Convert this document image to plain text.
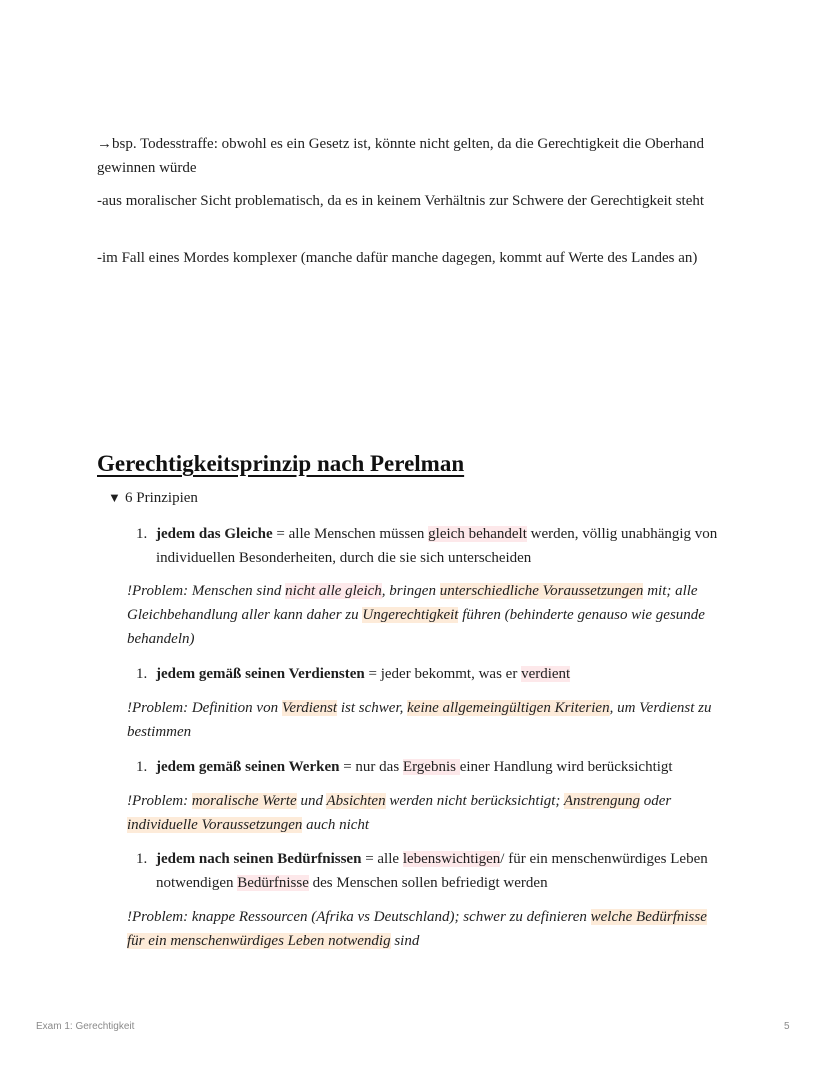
→bsp. Todesstraffe: obwohl es ein Gesetz ist, könnte nicht gelten, da die Gerechtigkeit die Oberhand gewinnen würde

-aus moralischer Sicht problematisch, da es in keinem Verhältnis zur Schwere der Gerechtigkeit steht

-im Fall eines Mordes komplexer (manche dafür manche dagegen, kommt auf Werte des Landes an)

Gerechtigkeitsprinzip nach Perelman
▼ 6 Prinzipien
1. jedem das Gleiche = alle Menschen müssen gleich behandelt werden, völlig unabhängig von individuellen Besonderheiten, durch die sie sich unterscheiden

!Problem: Menschen sind nicht alle gleich, bringen unterschiedliche Voraussetzungen mit; alle Gleichbehandlung aller kann daher zu Ungerechtigkeit führen (behinderte genauso wie gesunde behandeln)

1. jedem gemäß seinen Verdiensten = jeder bekommt, was er verdient

!Problem: Definition von Verdienst ist schwer, keine allgemeingültigen Kriterien, um Verdienst zu bestimmen

1. jedem gemäß seinen Werken = nur das Ergebnis einer Handlung wird berücksichtigt

!Problem: moralische Werte und Absichten werden nicht berücksichtigt; Anstrengung oder individuelle Voraussetzungen auch nicht

1. jedem nach seinen Bedürfnissen = alle lebenswichtigen/ für ein menschenwürdiges Leben notwendigen Bedürfnisse des Menschen sollen befriedigt werden

!Problem: knappe Ressourcen (Afrika vs Deutschland); schwer zu definieren welche Bedürfnisse für ein menschenwürdiges Leben notwendig sind

Exam 1: Gerechtigkeit	5
